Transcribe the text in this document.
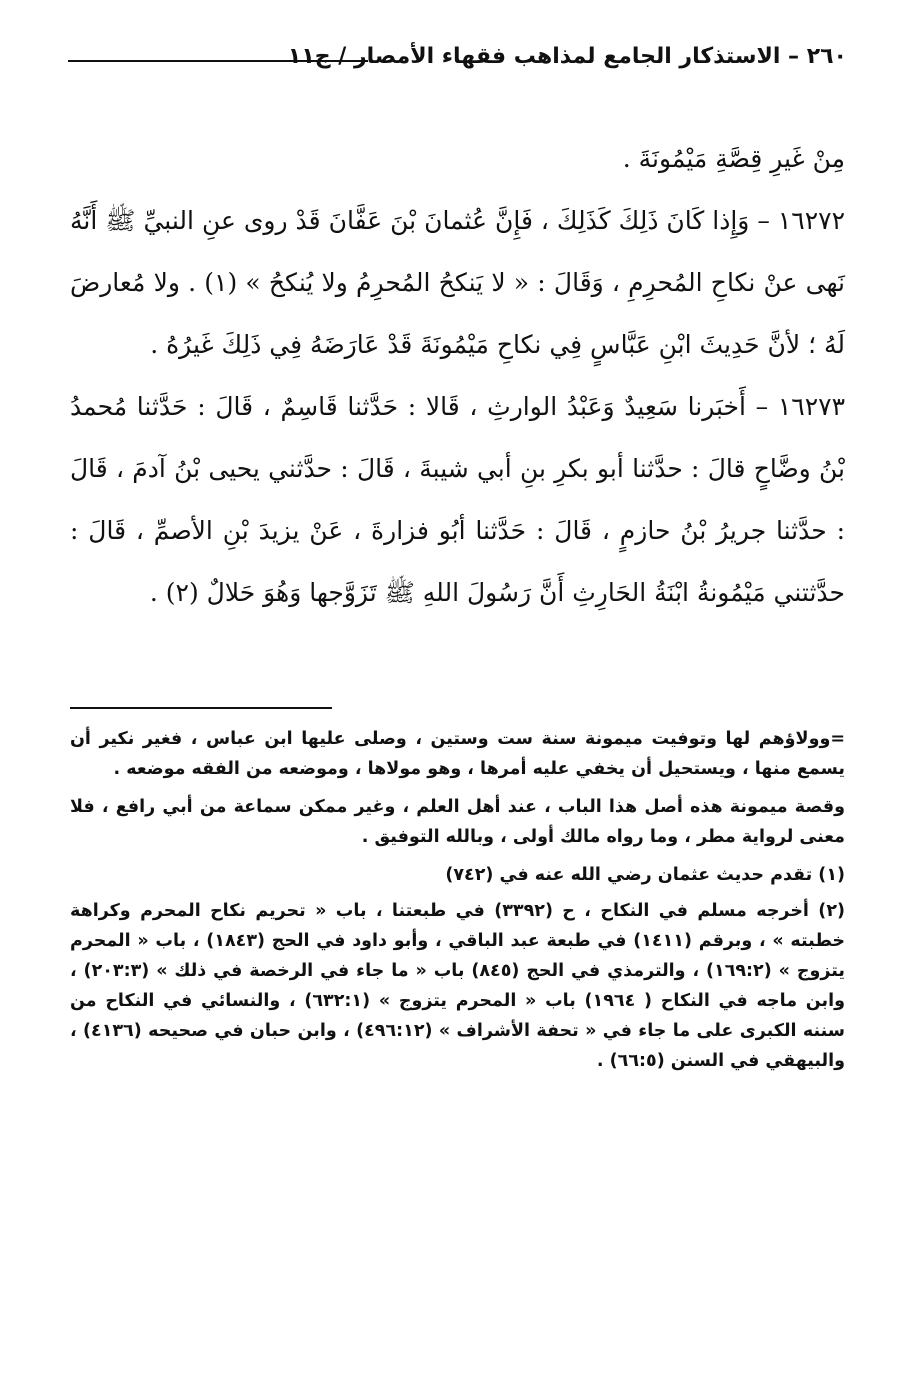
٢٦٠ – الاستذكار الجامع لمذاهب فقهاء الأمصار / ج١١

مِنْ غَيرِ قِصَّةِ مَيْمُونَةَ .

١٦٢٧٢ – وَإِذا كَانَ ذَلِكَ كَذَلِكَ ، فَإِنَّ عُثمانَ بْنَ عَفَّانَ قَدْ روى عنِ النبيِّ ﷺ أَنَّهُ نَهى عنْ نكاحِ المُحرِمِ ، وَقَالَ : « لا يَنكحُ المُحرِمُ ولا يُنكحُ » (١) . ولا مُعارضَ لَهُ ؛ لأنَّ حَدِيثَ ابْنِ عَبَّاسٍ فِي نكاحِ مَيْمُونَةَ قَدْ عَارَضَهُ فِي ذَلِكَ غَيرُهُ .

١٦٢٧٣ – أَخبَرنا سَعِيدٌ وَعَبْدُ الوارثِ ، قَالا : حَدَّثنا قَاسِمٌ ، قَالَ : حَدَّثنا مُحمدُ بْنُ وضَّاحٍ قالَ : حدَّثنا أبو بكرِ بنِ أبي شيبةَ ، قَالَ : حدَّثني يحيى بْنُ آدمَ ، قَالَ : حدَّثنا جريرُ بْنُ حازمٍ ، قَالَ : حَدَّثنا أبُو فزارةَ ، عَنْ يزيدَ بْنِ الأصمِّ ، قَالَ : حدَّثتني مَيْمُونةُ ابْنَةُ الحَارِثِ أَنَّ رَسُولَ اللهِ ﷺ تَزَوَّجها وَهُوَ حَلالٌ (٢) .

=وولاؤهم لها وتوفيت ميمونة سنة ست وستين ، وصلى عليها ابن عباس ، فغير نكير أن يسمع منها ، ويستحيل أن يخفي عليه أمرها ، وهو مولاها ، وموضعه من الفقه موضعه .

وقصة ميمونة هذه أصل هذا الباب ، عند أهل العلم ، وغير ممكن سماعة من أبي رافع ، فلا معنى لرواية مطر ، وما رواه مالك أولى ، وبالله التوفيق .

(١) تقدم حديث عثمان رضي الله عنه في (٧٤٢)

(٢) أخرجه مسلم في النكاح ، ح (٣٣٩٢) في طبعتنا ، باب « تحريم نكاح المحرم وكراهة خطبته » ، وبرقم (١٤١١) في طبعة عبد الباقي ، وأبو داود في الحج (١٨٤٣) ، باب « المحرم يتزوج » (١٦٩:٢) ، والترمذي في الحج (٨٤٥) باب « ما جاء في الرخصة في ذلك » (٢٠٣:٣) ، وابن ماجه في النكاح ( ١٩٦٤) باب « المحرم يتزوج » (٦٣٢:١) ، والنسائي في النكاح من سننه الكبرى على ما جاء في « تحفة الأشراف » (٤٩٦:١٢) ، وابن حبان في صحيحه (٤١٣٦) ، والبيهقي في السنن (٦٦:٥) .
